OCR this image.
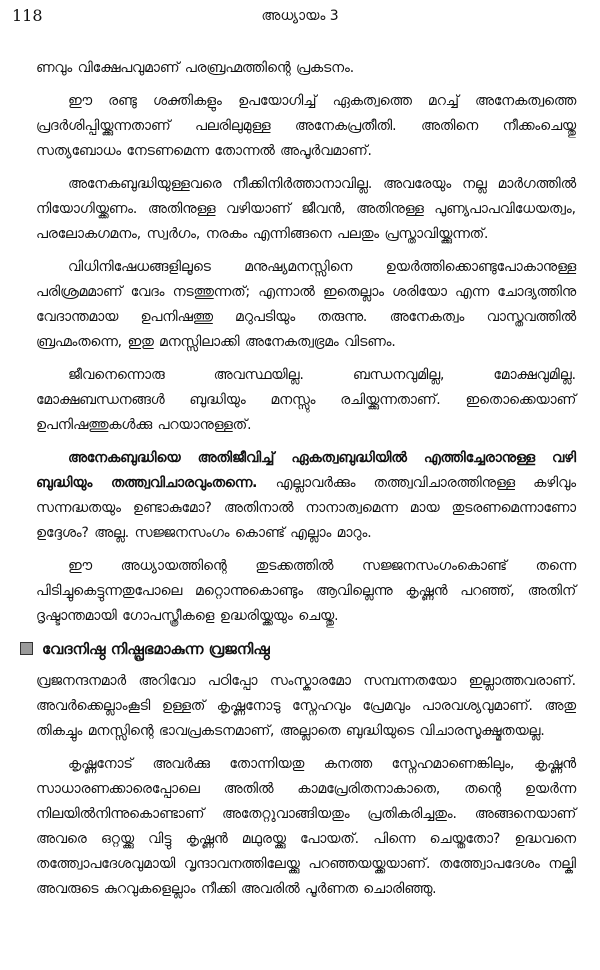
118	അധ്യായം 3

ണവും വിക്ഷേപവുമാണ് പരബ്രഹ്മത്തിന്റെ പ്രകടനം.

ഈ രണ്ടു ശക്തികളും ഉപയോഗിച്ച് ഏകത്വത്തെ മറച്ച് അനേകത്വത്തെ പ്രദർശിപ്പിയ്ക്കുന്നതാണ് പലരിലുമുള്ള അനേകപ്രതീതി. അതിനെ നീക്കംചെയ്തു സത്യബോധം നേടണമെന്ന തോന്നൽ അപൂർവമാണ്.

അനേകബുദ്ധിയുള്ളവരെ നീക്കിനിർത്താനാവില്ല. അവരേയും നല്ല മാർഗത്തിൽ നിയോഗിയ്ക്കണം. അതിനുള്ള വഴിയാണ് ജീവൻ, അതിനുള്ള പുണ്യപാപവിധേയത്വം, പരലോകഗമനം, സ്വർഗം, നരകം എന്നിങ്ങനെ പലതും പ്രസ്താവിയ്ക്കുന്നത്.

വിധിനിഷേധങ്ങളിലൂടെ മനുഷ്യമനസ്സിനെ ഉയർത്തിക്കൊണ്ടുപോകാനുള്ള പരിശ്രമമാണ് വേദം നടത്തുന്നത്; എന്നാൽ ഇതെല്ലാം ശരിയോ എന്ന ചോദ്യത്തിനു വേദാന്തമായ ഉപനിഷത്തു മറുപടിയും തരുന്നു. അനേകത്വം വാസ്തവത്തിൽ ബ്രഹ്മംതന്നെ, ഇതു മനസ്സിലാക്കി അനേകത്വഭ്രമം വിടണം.

ജീവനെന്നൊരു അവസ്ഥയില്ല. ബന്ധനവുമില്ല, മോക്ഷവുമില്ല. മോക്ഷബന്ധനങ്ങൾ ബുദ്ധിയും മനസ്സും രചിയ്ക്കുന്നതാണ്. ഇതൊക്കെയാണ് ഉപനിഷത്തുകൾക്കു പറയാനുള്ളത്.

അനേകബുദ്ധിയെ അതിജീവിച്ച് ഏകത്വബുദ്ധിയിൽ എത്തിച്ചേരാനുള്ള വഴി ബുദ്ധിയും തത്ത്വവിചാരവുംതന്നെ. എല്ലാവർക്കും തത്ത്വവിചാരത്തിനുള്ള കഴിവും സന്നദ്ധതയും ഉണ്ടാകുമോ? അതിനാൽ നാനാത്വമെന്ന മായ തുടരണമെന്നാണോ ഉദ്ദേശം? അല്ല. സജ്ജനസംഗം കൊണ്ട് എല്ലാം മാറും.

ഈ അധ്യായത്തിന്റെ തുടക്കത്തിൽ സജ്ജനസംഗംകൊണ്ട് തന്നെ പിടിച്ചുകെട്ടുന്നതുപോലെ മറ്റൊന്നുകൊണ്ടും ആവില്ലെന്നു കൃഷ്ണൻ പറഞ്ഞ്, അതിന് ദൃഷ്ടാന്തമായി ഗോപസ്ത്രീകളെ ഉദ്ധരിയ്ക്കയും ചെയ്തു.

വേദനിഷ്ഠ നിഷ്പ്രഭമാകുന്ന വ്രജനിഷ്ഠ

വ്രജനന്ദനമാർ അറിവോ പഠിപ്പോ സംസ്കാരമോ സമ്പന്നതയോ ഇല്ലാത്തവരാണ്. അവർക്കെല്ലാംകൂടി ഉള്ളത് കൃഷ്ണനോടു സ്നേഹവും പ്രേമവും പാരവശ്യവുമാണ്. അതു തികച്ചും മനസ്സിന്റെ ഭാവപ്രകടനമാണ്, അല്ലാതെ ബുദ്ധിയുടെ വിചാരസൂക്ഷ്മതയല്ല.

കൃഷ്ണനോട് അവർക്കു തോന്നിയതു കനത്ത സ്നേഹമാണെങ്കിലും, കൃഷ്ണൻ സാധാരണക്കാരെപ്പോലെ അതിൽ കാമപ്രേരിതനാകാതെ, തന്റെ ഉയർന്ന നിലയിൽനിന്നുകൊണ്ടാണ് അതേറ്റുവാങ്ങിയതും പ്രതികരിച്ചതും. അങ്ങനെയാണ് അവരെ ഒറ്റയ്ക്കു വിട്ടു കൃഷ്ണൻ മഥുരയ്ക്കു പോയത്. പിന്നെ ചെയ്തതോ? ഉദ്ധവനെ തത്ത്വോപദേശവുമായി വൃന്ദാവനത്തിലേയ്ക്കു പറഞ്ഞയയ്ക്കയാണ്. തത്ത്വോപദേശം നല്കി അവരുടെ കുറവുകളെല്ലാം നീക്കി അവരിൽ പൂർണത ചൊരിഞ്ഞു.
